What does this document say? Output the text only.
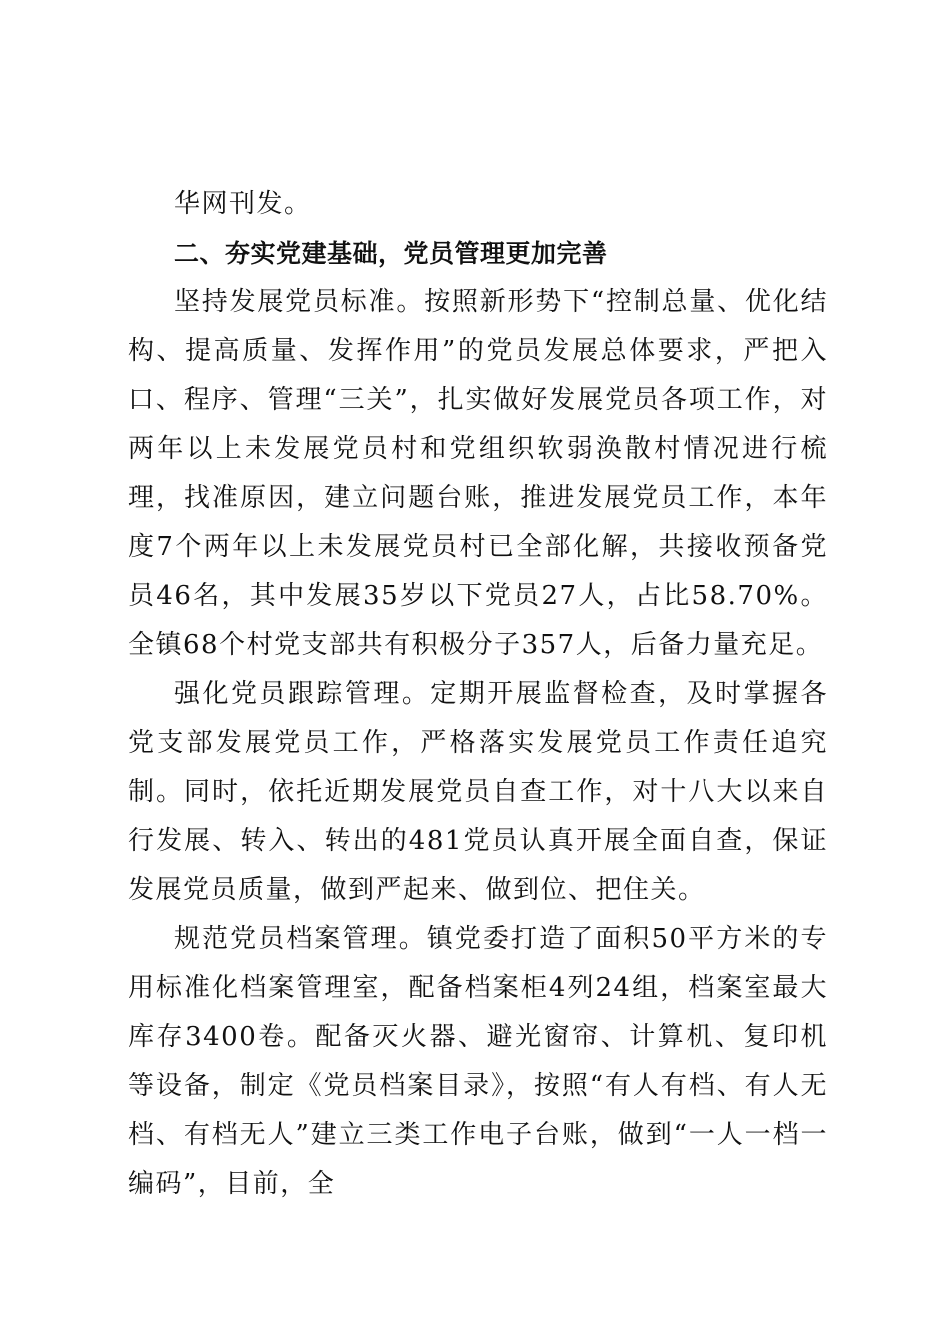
华网刊发。

二、夯实党建基础，党员管理更加完善

坚持发展党员标准。按照新形势下“控制总量、优化结构、提高质量、发挥作用”的党员发展总体要求，严把入口、程序、管理“三关”，扎实做好发展党员各项工作，对两年以上未发展党员村和党组织软弱涣散村情况进行梳理，找准原因，建立问题台账，推进发展党员工作，本年度7个两年以上未发展党员村已全部化解，共接收预备党员46名，其中发展35岁以下党员27人，占比58.70%。全镇68个村党支部共有积极分子357人，后备力量充足。

强化党员跟踪管理。定期开展监督检查，及时掌握各党支部发展党员工作，严格落实发展党员工作责任追究制。同时，依托近期发展党员自查工作，对十八大以来自行发展、转入、转出的481党员认真开展全面自查，保证发展党员质量，做到严起来、做到位、把住关。

规范党员档案管理。镇党委打造了面积50平方米的专用标准化档案管理室，配备档案柜4列24组，档案室最大库存3400卷。配备灭火器、避光窗帘、计算机、复印机等设备，制定《党员档案目录》，按照“有人有档、有人无档、有档无人”建立三类工作电子台账，做到“一人一档一编码”，目前，全
